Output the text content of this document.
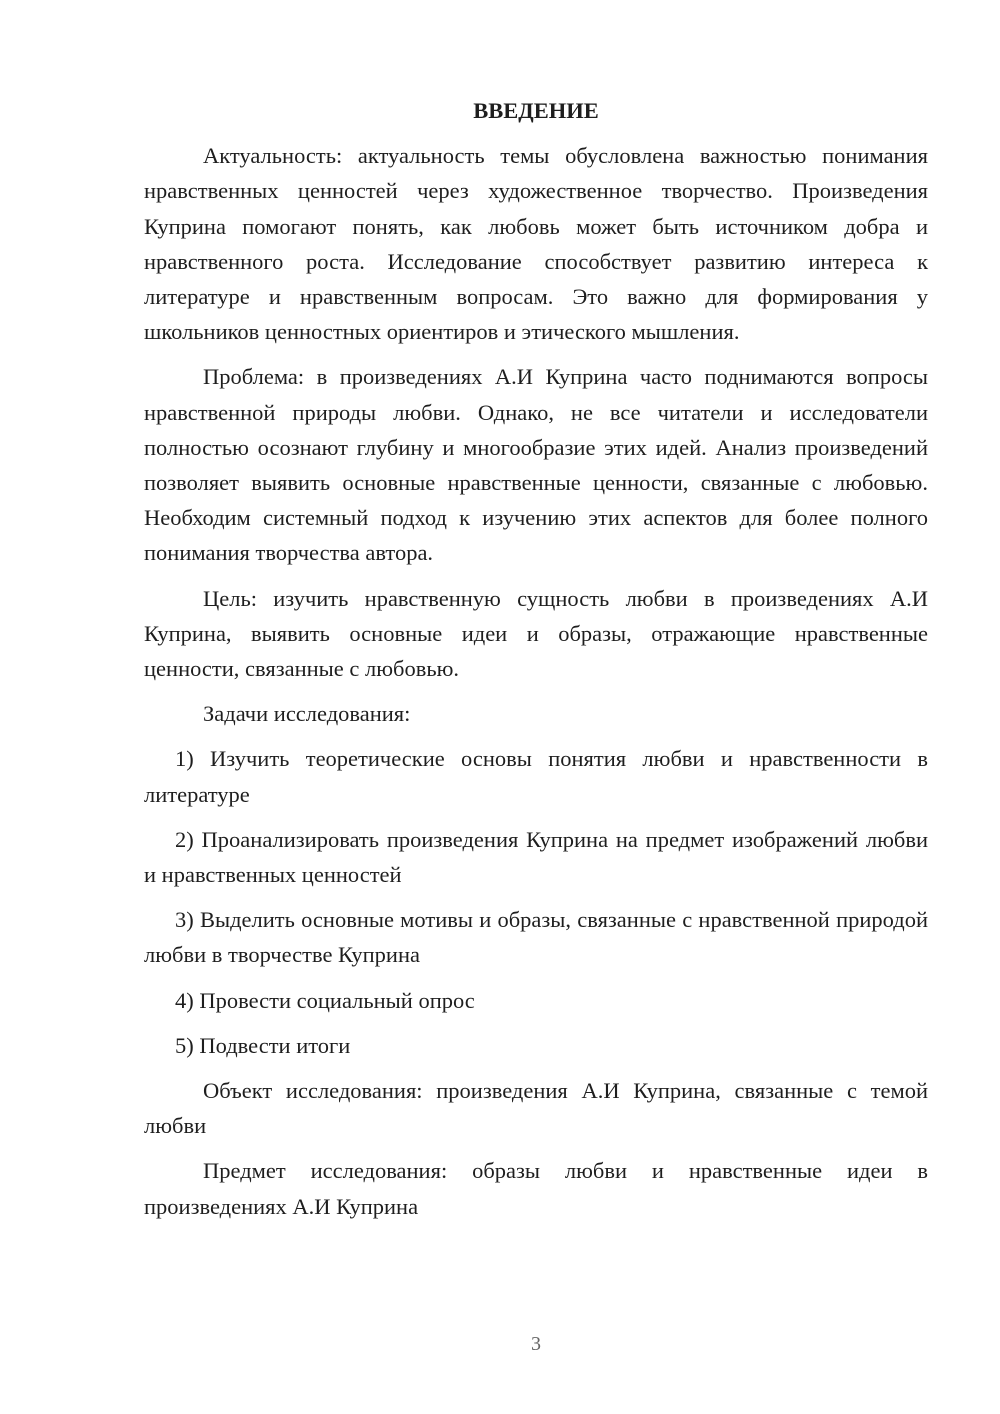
ВВЕДЕНИЕ

Актуальность: актуальность темы обусловлена важностью понимания нравственных ценностей через художественное творчество. Произведения Куприна помогают понять, как любовь может быть источником добра и нравственного роста. Исследование способствует развитию интереса к литературе и нравственным вопросам. Это важно для формирования у школьников ценностных ориентиров и этического мышления.

Проблема: в произведениях А.И Куприна часто поднимаются вопросы нравственной природы любви. Однако, не все читатели и исследователи полностью осознают глубину и многообразие этих идей. Анализ произведений позволяет выявить основные нравственные ценности, связанные с любовью. Необходим системный подход к изучению этих аспектов для более полного понимания творчества автора.

Цель: изучить нравственную сущность любви в произведениях А.И Куприна, выявить основные идеи и образы, отражающие нравственные ценности, связанные с любовью.

Задачи исследования:

1) Изучить теоретические основы понятия любви и нравственности в литературе

2) Проанализировать произведения Куприна на предмет изображений любви и нравственных ценностей

3) Выделить основные мотивы и образы, связанные с нравственной природой любви в творчестве Куприна

4) Провести социальный опрос

5) Подвести итоги

Объект исследования: произведения А.И Куприна, связанные с темой любви

Предмет исследования: образы любви и нравственные идеи в произведениях А.И Куприна

3
